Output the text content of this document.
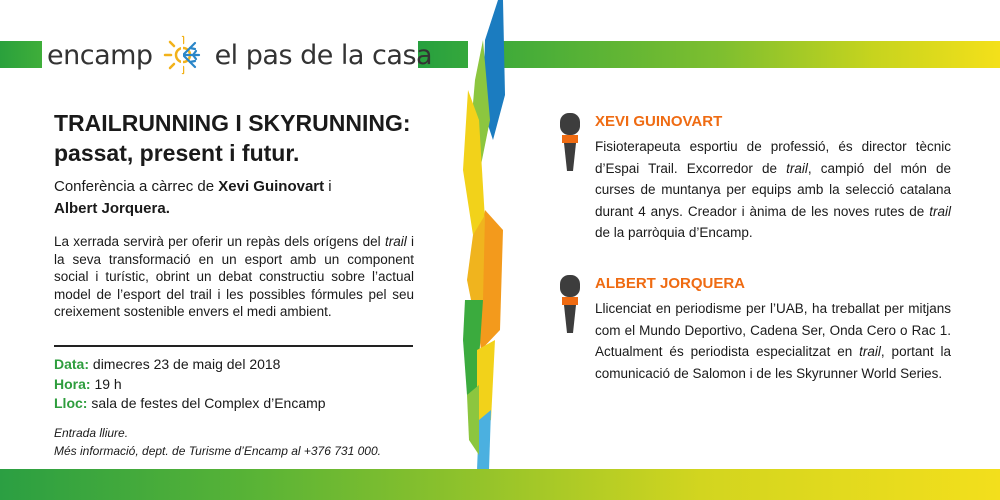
encamp el pas de la casa
TRAILRUNNING I SKYRUNNING:
passat, present i futur.
Conferència a càrrec de Xevi Guinovart i
Albert Jorquera.
La xerrada servirà per oferir un repàs dels orígens del trail i la seva transformació en un esport amb un component social i turístic, obrint un debat constructiu sobre l’actual model de l’esport del trail i les possibles fórmules pel seu creixement sostenible envers el medi ambient.
Data: dimecres 23 de maig del 2018
Hora: 19 h
Lloc: sala de festes del Complex d’Encamp
Entrada lliure.
Més informació, dept. de Turisme d’Encamp al +376 731 000.
XEVI GUINOVART
Fisioterapeuta esportiu de professió, és director tècnic d’Espai Trail. Excorredor de trail, campió del món de curses de muntanya per equips amb la selecció catalana durant 4 anys. Creador i ànima de les noves rutes de trail de la parròquia d’Encamp.
ALBERT JORQUERA
Llicenciat en periodisme per l’UAB, ha treballat per mitjans com el Mundo Deportivo, Cadena Ser, Onda Cero o Rac 1. Actualment és periodista especialitzat en trail, portant la comunicació de Salomon i de les Skyrunner World Series.
